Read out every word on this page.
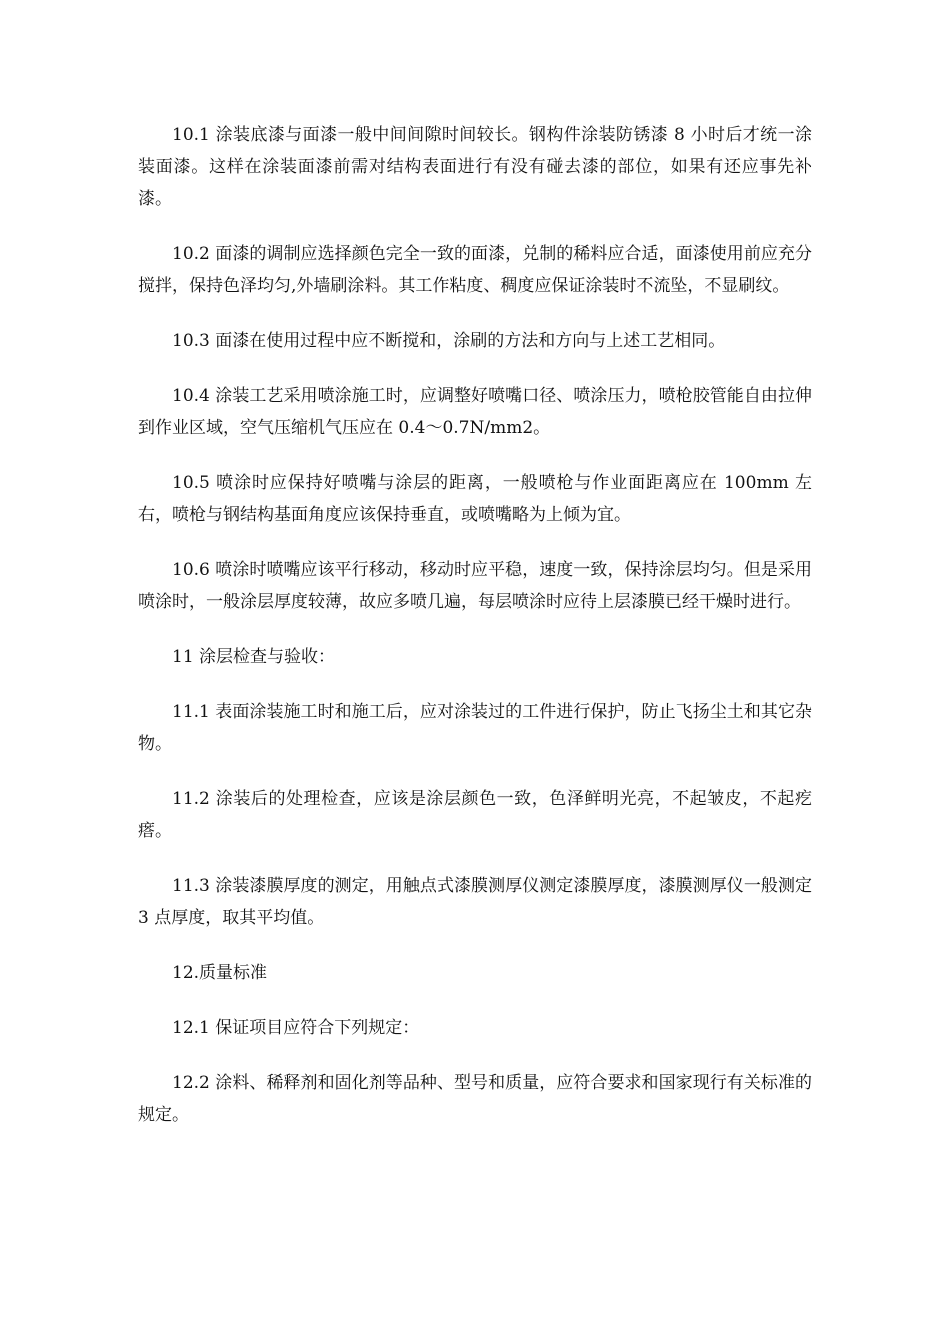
10.1 涂装底漆与面漆一般中间间隙时间较长。钢构件涂装防锈漆 8 小时后才统一涂装面漆。这样在涂装面漆前需对结构表面进行有没有碰去漆的部位，如果有还应事先补漆。

10.2 面漆的调制应选择颜色完全一致的面漆，兑制的稀料应合适，面漆使用前应充分搅拌，保持色泽均匀,外墙刷涂料。其工作粘度、稠度应保证涂装时不流坠，不显刷纹。

10.3 面漆在使用过程中应不断搅和，涂刷的方法和方向与上述工艺相同。

10.4 涂装工艺采用喷涂施工时，应调整好喷嘴口径、喷涂压力，喷枪胶管能自由拉伸到作业区域，空气压缩机气压应在 0.4～0.7N/mm2。

10.5 喷涂时应保持好喷嘴与涂层的距离，一般喷枪与作业面距离应在 100mm 左右，喷枪与钢结构基面角度应该保持垂直，或喷嘴略为上倾为宜。

10.6 喷涂时喷嘴应该平行移动，移动时应平稳，速度一致，保持涂层均匀。但是采用喷涂时，一般涂层厚度较薄，故应多喷几遍，每层喷涂时应待上层漆膜已经干燥时进行。

11 涂层检查与验收：

11.1 表面涂装施工时和施工后，应对涂装过的工件进行保护，防止飞扬尘土和其它杂物。

11.2 涂装后的处理检查，应该是涂层颜色一致，色泽鲜明光亮，不起皱皮，不起疙瘩。

11.3 涂装漆膜厚度的测定，用触点式漆膜测厚仪测定漆膜厚度，漆膜测厚仪一般测定 3 点厚度，取其平均值。

12.质量标准

12.1 保证项目应符合下列规定：

12.2 涂料、稀释剂和固化剂等品种、型号和质量，应符合要求和国家现行有关标准的规定。
